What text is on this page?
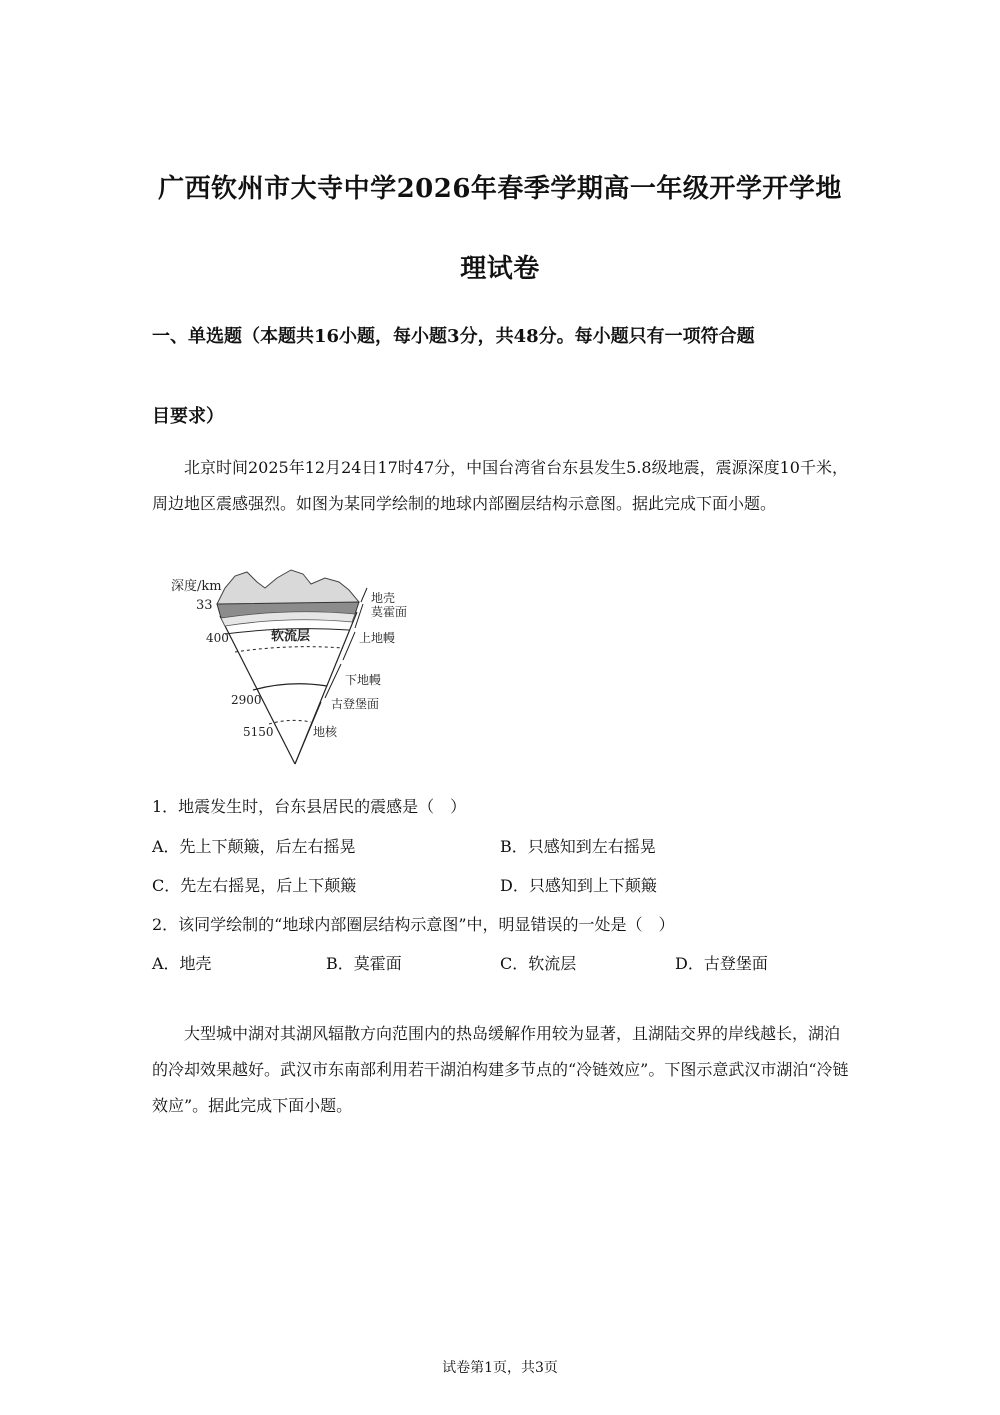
广西钦州市大寺中学2026年春季学期高一年级开学开学地
理试卷
一、单选题（本题共16小题，每小题3分，共48分。每小题只有一项符合题
目要求）
北京时间2025年12月24日17时47分，中国台湾省台东县发生5.8级地震，震源深度10千米，周边地区震感强烈。如图为某同学绘制的地球内部圈层结构示意图。据此完成下面小题。
深度/km
33
400
2900
5150
软流层
地壳
莫霍面
上地幔
下地幔
古登堡面
地核
1．地震发生时，台东县居民的震感是（　）
A．先上下颠簸，后左右摇晃	B．只感知到左右摇晃
C．先左右摇晃，后上下颠簸	D．只感知到上下颠簸
2．该同学绘制的“地球内部圈层结构示意图”中，明显错误的一处是（　）
A．地壳	B．莫霍面	C．软流层	D．古登堡面
大型城中湖对其湖风辐散方向范围内的热岛缓解作用较为显著，且湖陆交界的岸线越长，湖泊的冷却效果越好。武汉市东南部利用若干湖泊构建多节点的“冷链效应”。下图示意武汉市湖泊“冷链效应”。据此完成下面小题。
试卷第1页，共3页
